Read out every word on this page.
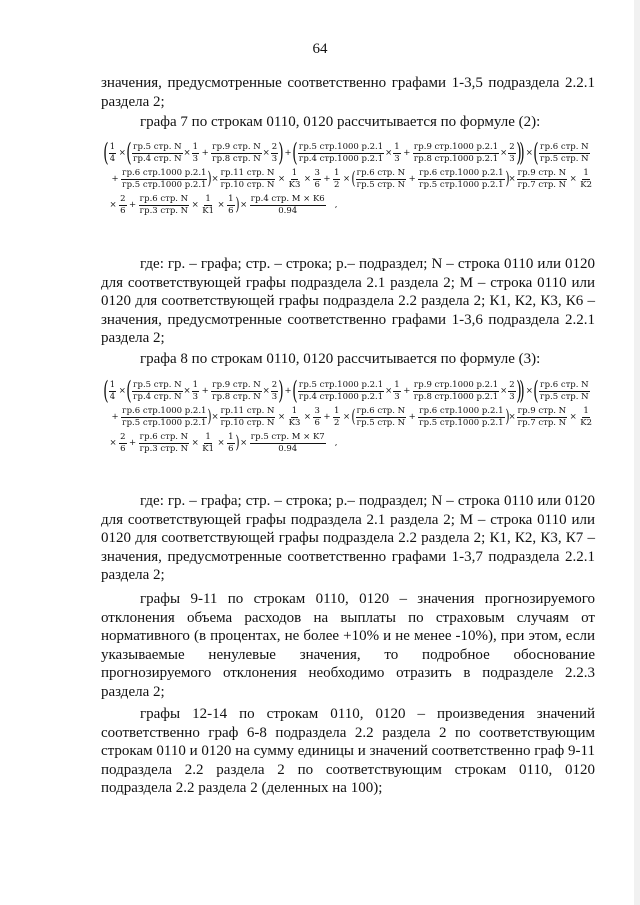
64

значения, предусмотренные соответственно графами 1-3,5 подраздела 2.2.1 раздела 2;

графа 7 по строкам 0110, 0120 рассчитывается по формуле (2):

( $\frac{1}{4}$ × ( гр.5 стр. N
гр.4 стр. N
× $\frac{1}{3}$ +
гр.9 стр. N
гр.8 стр. N
× $\frac{2}{3}$ ) + ( гр.5 стр.1000 р.2.1
гр.4 стр.1000 р.2.1
× $\frac{1}{3}$ +
гр.9 стр.1000 р.2.1
гр.8 стр.1000 р.2.1
× $\frac{2}{3}$ )
) × ( гр.6 стр. N
гр.5 стр. N
+
гр.6 стр.1000 р.2.1
гр.5 стр.1000 р.2.1 ) ×
гр.11 стр. N
гр.10 стр. N
× $\frac{1}{K3} \times \frac{3}{6} + \frac{1}{2}$ × ( гр.6 стр. N
гр.5 стр. N
+
гр.6 стр.1000 р.2.1
гр.5 стр.1000 р.2.1 ) ×
гр.9 стр. N
гр.7 стр. N
× $\frac{1}{K2}$
× $\frac{2}{6}$ +
гр.6 стр. N
гр.3 стр. N
× $\frac{1}{K1} \times \frac{1}{6}$ ) ×
гр.4 стр. M × K6
0.94
,

где: гр. – графа; стр. – строка; р.– подраздел; N – строка 0110 или 0120 для соответствующей графы подраздела 2.1 раздела 2; М – строка 0110 или 0120 для соответствующей графы подраздела 2.2 раздела 2; К1, К2, К3, К6 – значения, предусмотренные соответственно графами 1-3,6 подраздела 2.2.1 раздела 2;

графа 8 по строкам 0110, 0120 рассчитывается по формуле (3):

( $\frac{1}{4}$ × ( гр.5 стр. N
гр.4 стр. N
× $\frac{1}{3}$ +
гр.9 стр. N
гр.8 стр. N
× $\frac{2}{3}$ ) + ( гр.5 стр.1000 р.2.1
гр.4 стр.1000 р.2.1
× $\frac{1}{3}$ +
гр.9 стр.1000 р.2.1
гр.8 стр.1000 р.2.1
× $\frac{2}{3}$ )
) × ( гр.6 стр. N
гр.5 стр. N
+
гр.6 стр.1000 р.2.1
гр.5 стр.1000 р.2.1 ) ×
гр.11 стр. N
гр.10 стр. N
× $\frac{1}{K3} \times \frac{3}{6} + \frac{1}{2}$ × ( гр.6 стр. N
гр.5 стр. N
+
гр.6 стр.1000 р.2.1
гр.5 стр.1000 р.2.1 ) ×
гр.9 стр. N
гр.7 стр. N
× $\frac{1}{K2}$
× $\frac{2}{6}$ +
гр.6 стр. N
гр.3 стр. N
× $\frac{1}{K1} \times \frac{1}{6}$ ) ×
гр.5 стр. M × K7
0.94
,

где: гр. – графа; стр. – строка; р.– подраздел; N – строка 0110 или 0120 для соответствующей графы подраздела 2.1 раздела 2; М – строка 0110 или 0120 для соответствующей графы подраздела 2.2 раздела 2; К1, К2, К3, К7 – значения, предусмотренные соответственно графами 1-3,7 подраздела 2.2.1 раздела 2;

графы 9-11 по строкам 0110, 0120 – значения прогнозируемого отклонения объема расходов на выплаты по страховым случаям от нормативного (в процентах, не более +10% и не менее -10%), при этом, если указываемые ненулевые значения, то подробное обоснование прогнозируемого отклонения необходимо отразить в подразделе 2.2.3 раздела 2;

графы 12-14 по строкам 0110, 0120 – произведения значений соответственно граф 6-8 подраздела 2.2 раздела 2 по соответствующим строкам 0110 и 0120 на сумму единицы и значений соответственно граф 9-11 подраздела 2.2 раздела 2 по соответствующим строкам 0110, 0120 подраздела 2.2 раздела 2 (деленных на 100);
